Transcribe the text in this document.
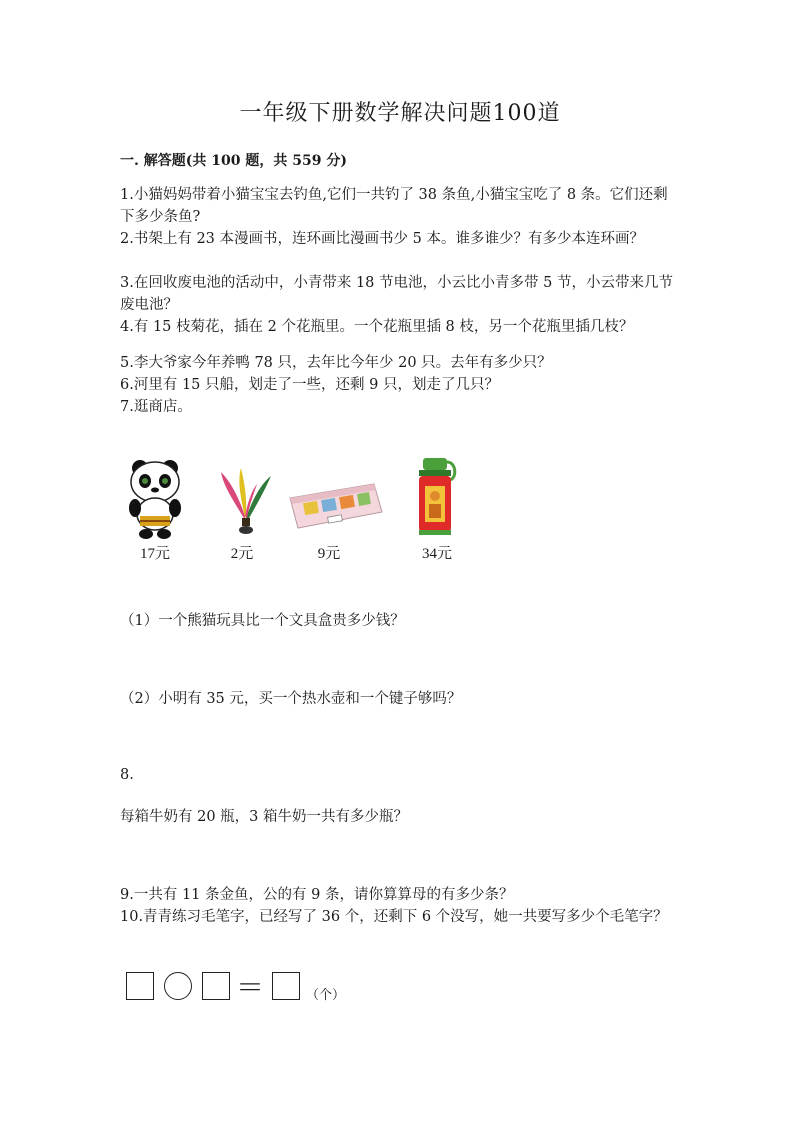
一年级下册数学解决问题100道
一. 解答题(共 100 题，共 559 分)
1.小猫妈妈带着小猫宝宝去钓鱼,它们一共钓了 38 条鱼,小猫宝宝吃了 8 条。它们还剩下多少条鱼?
2.书架上有 23 本漫画书，连环画比漫画书少 5 本。谁多谁少？有多少本连环画？
3.在回收废电池的活动中，小青带来 18 节电池，小云比小青多带 5 节，小云带来几节废电池？
4.有 15 枝菊花，插在 2 个花瓶里。一个花瓶里插 8 枝，另一个花瓶里插几枝？
5.李大爷家今年养鸭 78 只，去年比今年少 20 只。去年有多少只？
6.河里有 15 只船，划走了一些，还剩 9 只，划走了几只？
7.逛商店。
17元	2元	9元	34元
（1）一个熊猫玩具比一个文具盒贵多少钱？
（2）小明有 35 元，买一个热水壶和一个键子够吗？
8.
每箱牛奶有 20 瓶，3 箱牛奶一共有多少瓶？
9.一共有 11 条金鱼，公的有 9 条，请你算算母的有多少条？
10.青青练习毛笔字，已经写了 36 个，还剩下 6 个没写，她一共要写多少个毛笔字？
＝	（个）
